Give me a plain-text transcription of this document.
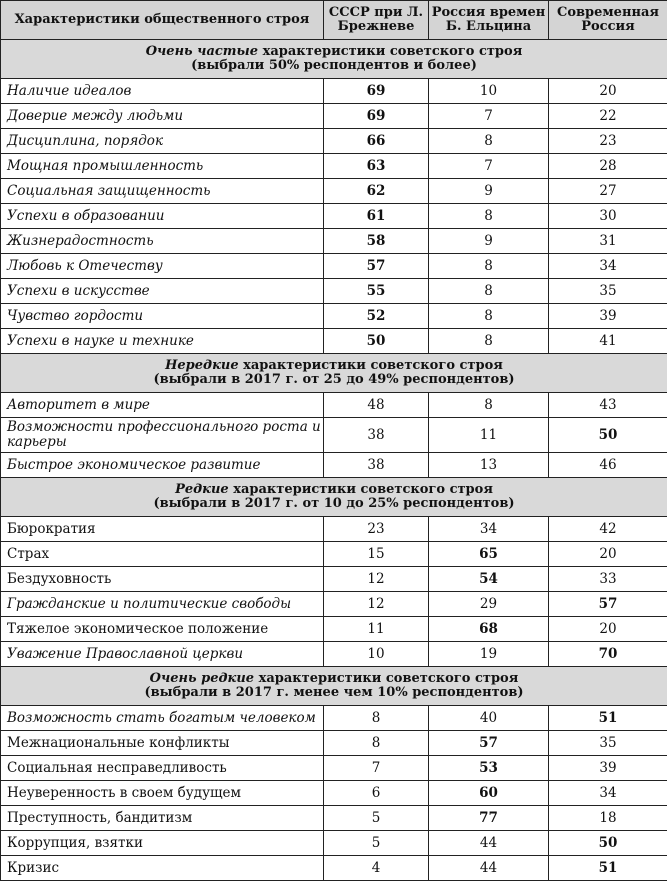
Характеристики общественного строя	СССР при Л. Брежневе	Россия времен Б. Ельцина	Современная Россия
Очень частые характеристики советского строя
(выбрали 50% респондентов и более)			
Наличие идеалов	69	10	20
Доверие между людьми	69	7	22
Дисциплина, порядок	66	8	23
Мощная промышленность	63	7	28
Социальная защищенность	62	9	27
Успехи в образовании	61	8	30
Жизнерадостность	58	9	31
Любовь к Отечеству	57	8	34
Успехи в искусстве	55	8	35
Чувство гордости	52	8	39
Успехи в науке и технике	50	8	41
Нередкие характеристики советского строя
(выбрали в 2017 г. от 25 до 49% респондентов)			
Авторитет в мире	48	8	43
Возможности профессионального роста и карьеры	38	11	50
Быстрое экономическое развитие	38	13	46
Редкие характеристики советского строя
(выбрали в 2017 г. от 10 до 25% респондентов)			
Бюрократия	23	34	42
Страх	15	65	20
Бездуховность	12	54	33
Гражданские и политические свободы	12	29	57
Тяжелое экономическое положение	11	68	20
Уважение Православной церкви	10	19	70
Очень редкие характеристики советского строя
(выбрали в 2017 г. менее чем 10% респондентов)			
Возможность стать богатым человеком	8	40	51
Межнациональные конфликты	8	57	35
Социальная несправедливость	7	53	39
Неуверенность в своем будущем	6	60	34
Преступность, бандитизм	5	77	18
Коррупция, взятки	5	44	50
Кризис	4	44	51
